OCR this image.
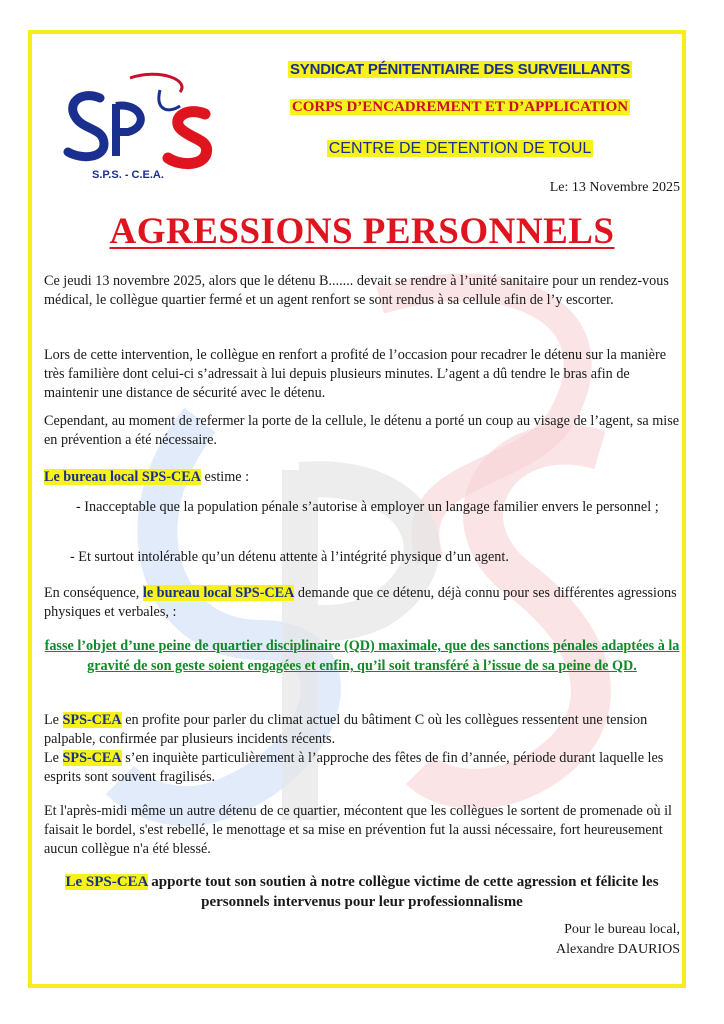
S.P.S. - C.E.A.
SYNDICAT PÉNITENTIAIRE DES SURVEILLANTS
CORPS D’ENCADREMENT ET D’APPLICATION
CENTRE DE DETENTION DE TOUL
Le: 13 Novembre 2025
AGRESSIONS PERSONNELS
Ce jeudi 13 novembre 2025, alors que le détenu B....... devait se rendre à l’unité sanitaire pour un rendez-vous médical, le collègue quartier fermé et un agent renfort se sont rendus à sa cellule afin de l’y escorter.
Lors de cette intervention, le collègue en renfort a profité de l’occasion pour recadrer le détenu sur la manière très familière dont celui-ci s’adressait à lui depuis plusieurs minutes. L’agent a dû tendre le bras afin de maintenir une distance de sécurité avec le détenu.
Cependant, au moment de refermer la porte de la cellule, le détenu a porté un coup au visage de l’agent, sa mise en prévention a été nécessaire.
Le bureau local SPS-CEA estime :
- Inacceptable que la population pénale s’autorise à employer un langage familier envers le personnel ;
- Et surtout intolérable qu’un détenu attente à l’intégrité physique d’un agent.
En conséquence, le bureau local SPS-CEA demande que ce détenu, déjà connu pour ses différentes agressions physiques et verbales, :
fasse l’objet d’une peine de quartier disciplinaire (QD) maximale, que des sanctions pénales adaptées à la gravité de son geste soient engagées et enfin, qu’il soit transféré à l’issue de sa peine de QD.
Le SPS-CEA en profite pour parler du climat actuel du bâtiment C où les collègues ressentent une tension palpable, confirmée par plusieurs incidents récents.
Le SPS-CEA s’en inquiète particulièrement à l’approche des fêtes de fin d’année, période durant laquelle les esprits sont souvent fragilisés.
Et l'après-midi même un autre détenu de ce quartier, mécontent que les collègues le sortent de promenade où il faisait le bordel, s'est rebellé, le menottage et sa mise en prévention fut la aussi nécessaire, fort heureusement aucun collègue n'a été blessé.
Le SPS-CEA apporte tout son soutien à notre collègue victime de cette agression et félicite les personnels intervenus pour leur professionnalisme
Pour le bureau local,
Alexandre DAURIOS
